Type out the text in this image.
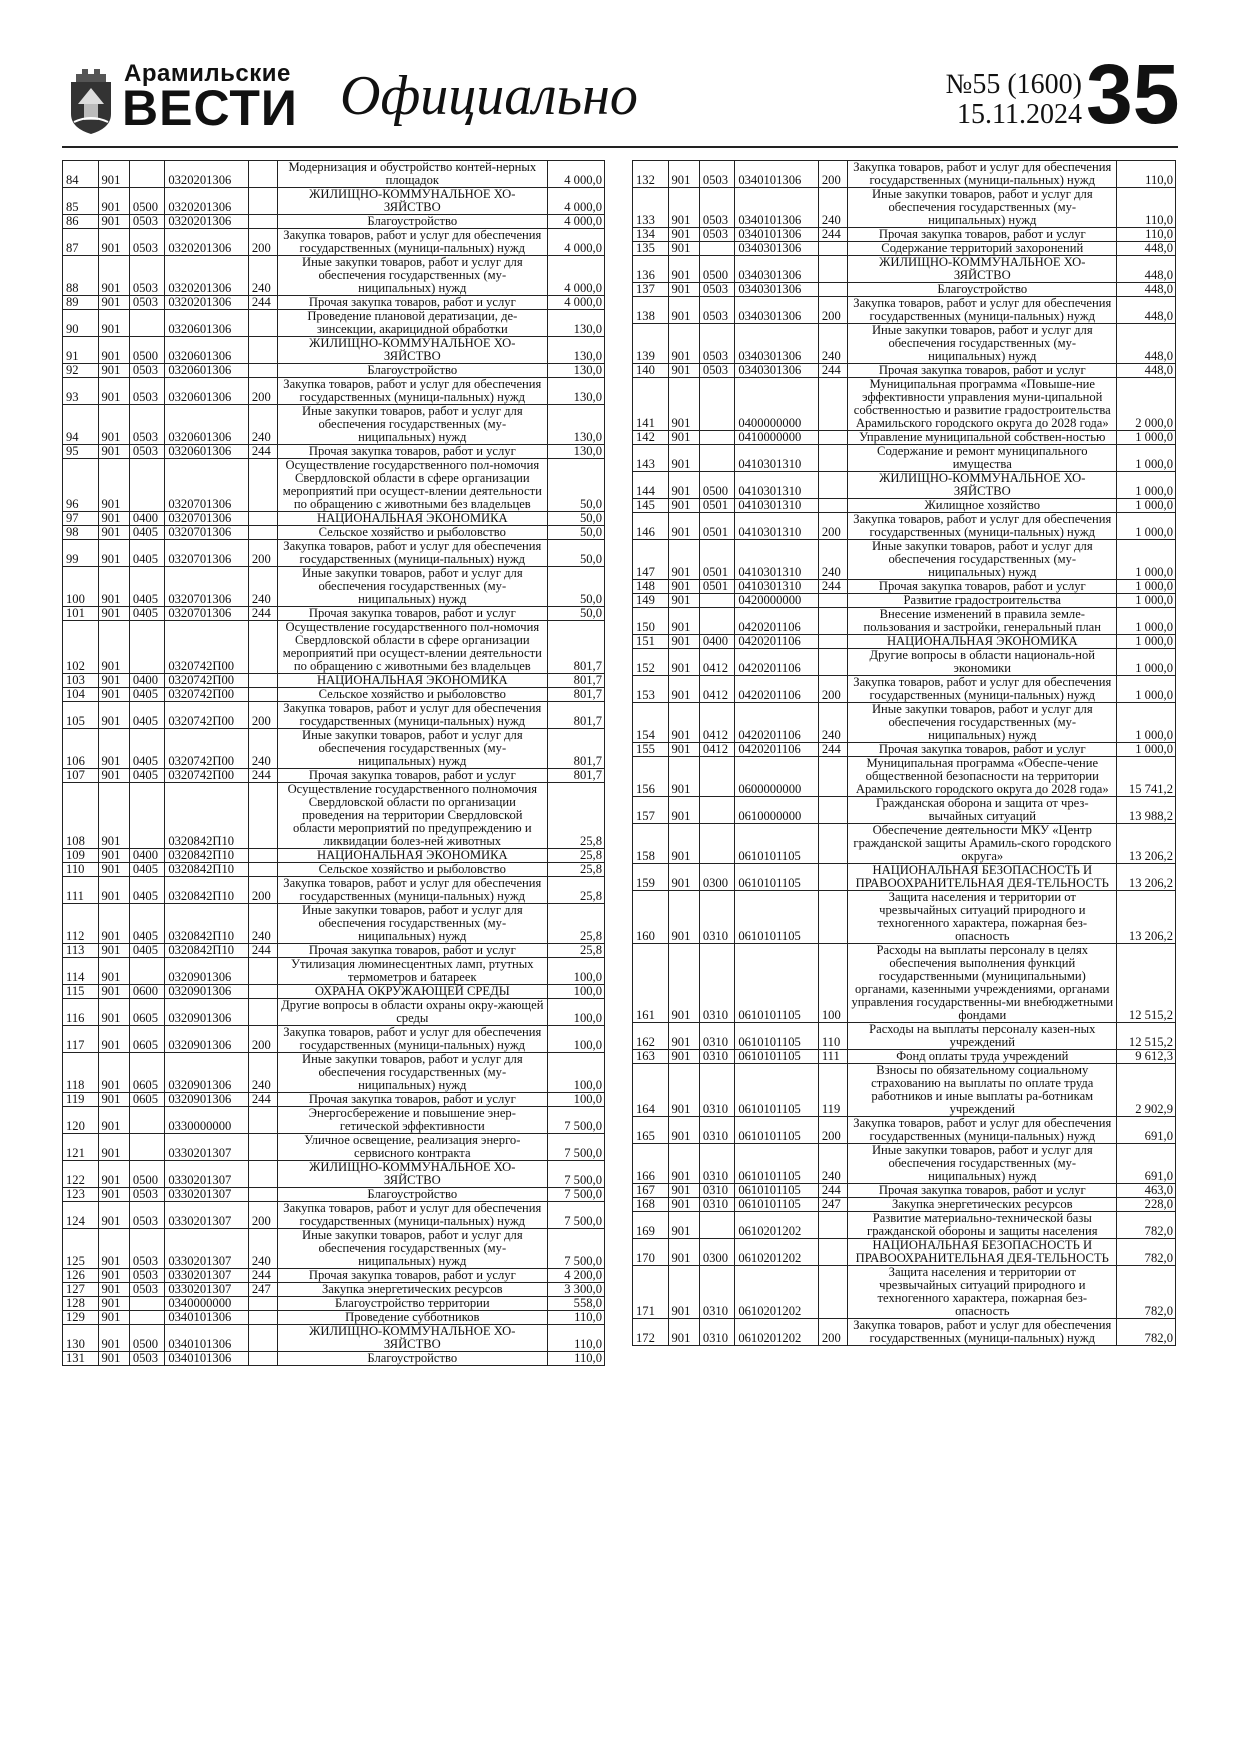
Арамильские
ВЕСТИ Официально	№55 (1600)
15.11.2024 35
84	901		0320201306		Модернизация и обустройство контей-нерных площадок	4 000,0
85	901	0500	0320201306		ЖИЛИЩНО-КОММУНАЛЬНОЕ ХО-ЗЯЙСТВО	4 000,0
86	901	0503	0320201306		Благоустройство	4 000,0
87	901	0503	0320201306	200	Закупка товаров, работ и услуг для обеспечения государственных (муници-пальных) нужд	4 000,0
88	901	0503	0320201306	240	Иные закупки товаров, работ и услуг для обеспечения государственных (му-ниципальных) нужд	4 000,0
89	901	0503	0320201306	244	Прочая закупка товаров, работ и услуг	4 000,0
90	901		0320601306		Проведение плановой дератизации, де-зинсекции, акарицидной обработки	130,0
91	901	0500	0320601306		ЖИЛИЩНО-КОММУНАЛЬНОЕ ХО-ЗЯЙСТВО	130,0
92	901	0503	0320601306		Благоустройство	130,0
93	901	0503	0320601306	200	Закупка товаров, работ и услуг для обеспечения государственных (муници-пальных) нужд	130,0
94	901	0503	0320601306	240	Иные закупки товаров, работ и услуг для обеспечения государственных (му-ниципальных) нужд	130,0
95	901	0503	0320601306	244	Прочая закупка товаров, работ и услуг	130,0
96	901		0320701306		Осуществление государственного пол-номочия Свердловской области в сфере организации мероприятий при осущест-влении деятельности по обращению с животными без владельцев	50,0
97	901	0400	0320701306		НАЦИОНАЛЬНАЯ ЭКОНОМИКА	50,0
98	901	0405	0320701306		Сельское хозяйство и рыболовство	50,0
99	901	0405	0320701306	200	Закупка товаров, работ и услуг для обеспечения государственных (муници-пальных) нужд	50,0
100	901	0405	0320701306	240	Иные закупки товаров, работ и услуг для обеспечения государственных (му-ниципальных) нужд	50,0
101	901	0405	0320701306	244	Прочая закупка товаров, работ и услуг	50,0
102	901		0320742П00		Осуществление государственного пол-номочия Свердловской области в сфере организации мероприятий при осущест-влении деятельности по обращению с животными без владельцев	801,7
103	901	0400	0320742П00		НАЦИОНАЛЬНАЯ ЭКОНОМИКА	801,7
104	901	0405	0320742П00		Сельское хозяйство и рыболовство	801,7
105	901	0405	0320742П00	200	Закупка товаров, работ и услуг для обеспечения государственных (муници-пальных) нужд	801,7
106	901	0405	0320742П00	240	Иные закупки товаров, работ и услуг для обеспечения государственных (му-ниципальных) нужд	801,7
107	901	0405	0320742П00	244	Прочая закупка товаров, работ и услуг	801,7
108	901		0320842П10		Осуществление государственного полномочия Свердловской области по организации проведения на территории Свердловской области мероприятий по предупреждению и ликвидации болез-ней животных	25,8
109	901	0400	0320842П10		НАЦИОНАЛЬНАЯ ЭКОНОМИКА	25,8
110	901	0405	0320842П10		Сельское хозяйство и рыболовство	25,8
111	901	0405	0320842П10	200	Закупка товаров, работ и услуг для обеспечения государственных (муници-пальных) нужд	25,8
112	901	0405	0320842П10	240	Иные закупки товаров, работ и услуг для обеспечения государственных (му-ниципальных) нужд	25,8
113	901	0405	0320842П10	244	Прочая закупка товаров, работ и услуг	25,8
114	901		0320901306		Утилизация люминесцентных ламп, ртутных термометров и батареек	100,0
115	901	0600	0320901306		ОХРАНА ОКРУЖАЮЩЕЙ СРЕДЫ	100,0
116	901	0605	0320901306		Другие вопросы в области охраны окру-жающей среды	100,0
117	901	0605	0320901306	200	Закупка товаров, работ и услуг для обеспечения государственных (муници-пальных) нужд	100,0
118	901	0605	0320901306	240	Иные закупки товаров, работ и услуг для обеспечения государственных (му-ниципальных) нужд	100,0
119	901	0605	0320901306	244	Прочая закупка товаров, работ и услуг	100,0
120	901		0330000000		Энергосбережение и повышение энер-гетической эффективности	7 500,0
121	901		0330201307		Уличное освещение, реализация энерго-сервисного контракта	7 500,0
122	901	0500	0330201307		ЖИЛИЩНО-КОММУНАЛЬНОЕ ХО-ЗЯЙСТВО	7 500,0
123	901	0503	0330201307		Благоустройство	7 500,0
124	901	0503	0330201307	200	Закупка товаров, работ и услуг для обеспечения государственных (муници-пальных) нужд	7 500,0
125	901	0503	0330201307	240	Иные закупки товаров, работ и услуг для обеспечения государственных (му-ниципальных) нужд	7 500,0
126	901	0503	0330201307	244	Прочая закупка товаров, работ и услуг	4 200,0
127	901	0503	0330201307	247	Закупка энергетических ресурсов	3 300,0
128	901		0340000000		Благоустройство территории	558,0
129	901		0340101306		Проведение субботников	110,0
130	901	0500	0340101306		ЖИЛИЩНО-КОММУНАЛЬНОЕ ХО-ЗЯЙСТВО	110,0
131	901	0503	0340101306		Благоустройство	110,0
132	901	0503	0340101306	200	Закупка товаров, работ и услуг для обеспечения государственных (муници-пальных) нужд	110,0
133	901	0503	0340101306	240	Иные закупки товаров, работ и услуг для обеспечения государственных (му-ниципальных) нужд	110,0
134	901	0503	0340101306	244	Прочая закупка товаров, работ и услуг	110,0
135	901		0340301306		Содержание территорий захоронений	448,0
136	901	0500	0340301306		ЖИЛИЩНО-КОММУНАЛЬНОЕ ХО-ЗЯЙСТВО	448,0
137	901	0503	0340301306		Благоустройство	448,0
138	901	0503	0340301306	200	Закупка товаров, работ и услуг для обеспечения государственных (муници-пальных) нужд	448,0
139	901	0503	0340301306	240	Иные закупки товаров, работ и услуг для обеспечения государственных (му-ниципальных) нужд	448,0
140	901	0503	0340301306	244	Прочая закупка товаров, работ и услуг	448,0
141	901		0400000000		Муниципальная программа «Повыше-ние эффективности управления муни-ципальной собственностью и развитие градостроительства Арамильского городского округа до 2028 года»	2 000,0
142	901		0410000000		Управление муниципальной собствен-ностью	1 000,0
143	901		0410301310		Содержание и ремонт муниципального имущества	1 000,0
144	901	0500	0410301310		ЖИЛИЩНО-КОММУНАЛЬНОЕ ХО-ЗЯЙСТВО	1 000,0
145	901	0501	0410301310		Жилищное хозяйство	1 000,0
146	901	0501	0410301310	200	Закупка товаров, работ и услуг для обеспечения государственных (муници-пальных) нужд	1 000,0
147	901	0501	0410301310	240	Иные закупки товаров, работ и услуг для обеспечения государственных (му-ниципальных) нужд	1 000,0
148	901	0501	0410301310	244	Прочая закупка товаров, работ и услуг	1 000,0
149	901		0420000000		Развитие градостроительства	1 000,0
150	901		0420201106		Внесение изменений в правила земле-пользования и застройки, генеральный план	1 000,0
151	901	0400	0420201106		НАЦИОНАЛЬНАЯ ЭКОНОМИКА	1 000,0
152	901	0412	0420201106		Другие вопросы в области националь-ной экономики	1 000,0
153	901	0412	0420201106	200	Закупка товаров, работ и услуг для обеспечения государственных (муници-пальных) нужд	1 000,0
154	901	0412	0420201106	240	Иные закупки товаров, работ и услуг для обеспечения государственных (му-ниципальных) нужд	1 000,0
155	901	0412	0420201106	244	Прочая закупка товаров, работ и услуг	1 000,0
156	901		0600000000		Муниципальная программа «Обеспе-чение общественной безопасности на территории Арамильского городского округа до 2028 года»	15 741,2
157	901		0610000000		Гражданская оборона и защита от чрез-вычайных ситуаций	13 988,2
158	901		0610101105		Обеспечение деятельности МКУ «Центр гражданской защиты Арамиль-ского городского округа»	13 206,2
159	901	0300	0610101105		НАЦИОНАЛЬНАЯ БЕЗОПАСНОСТЬ И ПРАВООХРАНИТЕЛЬНАЯ ДЕЯ-ТЕЛЬНОСТЬ	13 206,2
160	901	0310	0610101105		Защита населения и территории от чрезвычайных ситуаций природного и техногенного характера, пожарная без-опасность	13 206,2
161	901	0310	0610101105	100	Расходы на выплаты персоналу в целях обеспечения выполнения функций государственными (муниципальными) органами, казенными учреждениями, органами управления государственны-ми внебюджетными фондами	12 515,2
162	901	0310	0610101105	110	Расходы на выплаты персоналу казен-ных учреждений	12 515,2
163	901	0310	0610101105	111	Фонд оплаты труда учреждений	9 612,3
164	901	0310	0610101105	119	Взносы по обязательному социальному страхованию на выплаты по оплате труда работников и иные выплаты ра-ботникам учреждений	2 902,9
165	901	0310	0610101105	200	Закупка товаров, работ и услуг для обеспечения государственных (муници-пальных) нужд	691,0
166	901	0310	0610101105	240	Иные закупки товаров, работ и услуг для обеспечения государственных (му-ниципальных) нужд	691,0
167	901	0310	0610101105	244	Прочая закупка товаров, работ и услуг	463,0
168	901	0310	0610101105	247	Закупка энергетических ресурсов	228,0
169	901		0610201202		Развитие материально-технической базы гражданской обороны и защиты населения	782,0
170	901	0300	0610201202		НАЦИОНАЛЬНАЯ БЕЗОПАСНОСТЬ И ПРАВООХРАНИТЕЛЬНАЯ ДЕЯ-ТЕЛЬНОСТЬ	782,0
171	901	0310	0610201202		Защита населения и территории от чрезвычайных ситуаций природного и техногенного характера, пожарная без-опасность	782,0
172	901	0310	0610201202	200	Закупка товаров, работ и услуг для обеспечения государственных (муници-пальных) нужд	782,0
